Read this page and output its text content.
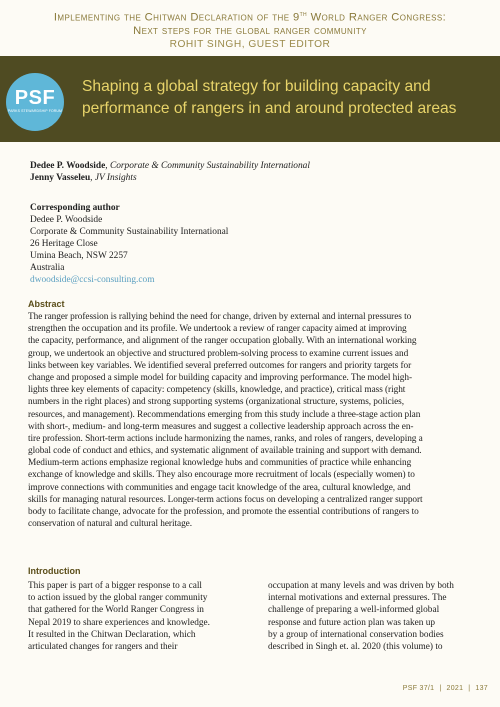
Implementing the Chitwan Declaration of the 9th World Ranger Congress:
Next steps for the global ranger community
ROHIT SINGH, GUEST EDITOR
PSF
PARKS STEWARDSHIP FORUM
Shaping a global strategy for building capacity and
performance of rangers in and around protected areas
Dedee P. Woodside, Corporate & Community Sustainability International
Jenny Vasseleu, JV Insights
Corresponding author
Dedee P. Woodside
Corporate & Community Sustainability International
26 Heritage Close
Umina Beach, NSW 2257
Australia
dwoodside@ccsi-consulting.com
Abstract
The ranger profession is rallying behind the need for change, driven by external and internal pressures to
strengthen the occupation and its profile. We undertook a review of ranger capacity aimed at improving
the capacity, performance, and alignment of the ranger occupation globally. With an international working
group, we undertook an objective and structured problem-solving process to examine current issues and
links between key variables. We identified several preferred outcomes for rangers and priority targets for
change and proposed a simple model for building capacity and improving performance. The model high-
lights three key elements of capacity: competency (skills, knowledge, and practice), critical mass (right
numbers in the right places) and strong supporting systems (organizational structure, systems, policies,
resources, and management). Recommendations emerging from this study include a three-stage action plan
with short-, medium- and long-term measures and suggest a collective leadership approach across the en-
tire profession. Short-term actions include harmonizing the names, ranks, and roles of rangers, developing a
global code of conduct and ethics, and systematic alignment of available training and support with demand.
Medium-term actions emphasize regional knowledge hubs and communities of practice while enhancing
exchange of knowledge and skills. They also encourage more recruitment of locals (especially women) to
improve connections with communities and engage tacit knowledge of the area, cultural knowledge, and
skills for managing natural resources. Longer-term actions focus on developing a centralized ranger support
body to facilitate change, advocate for the profession, and promote the essential contributions of rangers to
conservation of natural and cultural heritage.
Introduction
This paper is part of a bigger response to a call
to action issued by the global ranger community
that gathered for the World Ranger Congress in
Nepal 2019 to share experiences and knowledge.
It resulted in the Chitwan Declaration, which
articulated changes for rangers and their
occupation at many levels and was driven by both
internal motivations and external pressures. The
challenge of preparing a well-informed global
response and future action plan was taken up
by a group of international conservation bodies
described in Singh et. al. 2020 (this volume) to
PSF 37/1 | 2021 | 137
